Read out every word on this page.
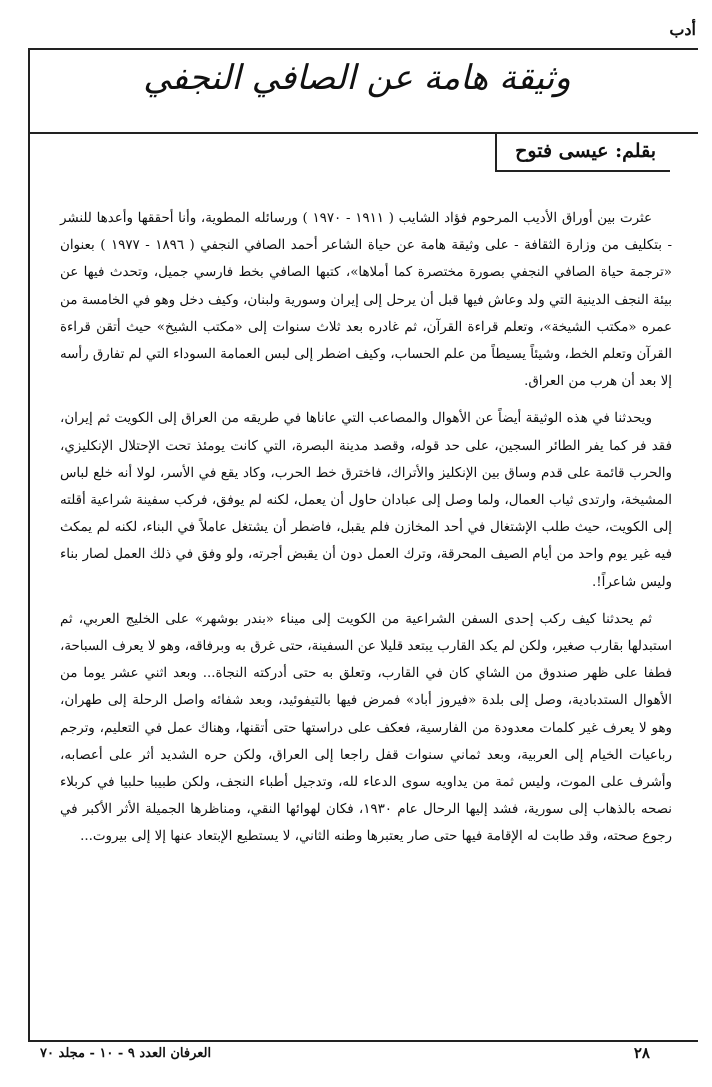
أدب
وثيقة هامة عن الصافي النجفي
بقلم: عيسى فتوح

عثرت بين أوراق الأديب المرحوم فؤاد الشايب ( ١٩١١ - ١٩٧٠ ) ورسائله المطوية، وأنا أحققها وأعدها للنشر - بتكليف من وزارة الثقافة - على وثيقة هامة عن حياة الشاعر أحمد الصافي النجفي ( ١٨٩٦ - ١٩٧٧ ) بعنوان «ترجمة حياة الصافي النجفي بصورة مختصرة كما أملاها»، كتبها الصافي بخط فارسي جميل، وتحدث فيها عن بيئة النجف الدينية التي ولد وعاش فيها قبل أن يرحل إلى إيران وسورية ولبنان، وكيف دخل وهو في الخامسة من عمره «مكتب الشيخة»، وتعلم قراءة القرآن، ثم غادره بعد ثلاث سنوات إلى «مكتب الشيخ» حيث أتقن قراءة القرآن وتعلم الخط، وشيئاً يسيطاً من علم الحساب، وكيف اضطر إلى لبس العمامة السوداء التي لم تفارق رأسه إلا بعد أن هرب من العراق.

ويحدثنا في هذه الوثيقة أيضاً عن الأهوال والمصاعب التي عاناها في طريقه من العراق إلى الكويت ثم إيران، فقد فر كما يفر الطائر السجين، على حد قوله، وقصد مدينة البصرة، التي كانت يومئذ تحت الإحتلال الإنكليزي، والحرب قائمة على قدم وساق بين الإنكليز والأتراك، فاخترق خط الحرب، وكاد يقع في الأسر، لولا أنه خلع لباس المشيخة، وارتدى ثياب العمال، ولما وصل إلى عبادان حاول أن يعمل، لكنه لم يوفق، فركب سفينة شراعية أقلته إلى الكويت، حيث طلب الإشتغال في أحد المخازن فلم يقبل، فاضطر أن يشتغل عاملاً في البناء، لكنه لم يمكث فيه غير يوم واحد من أيام الصيف المحرقة، وترك العمل دون أن يقبض أجرته، ولو وفق في ذلك العمل لصار بناء وليس شاعراً!.

ثم يحدثنا كيف ركب إحدى السفن الشراعية من الكويت إلى ميناء «بندر بوشهر» على الخليج العربي، ثم استبدلها بقارب صغير، ولكن لم يكد القارب يبتعد قليلا عن السفينة، حتى غرق به وبرفاقه، وهو لا يعرف السباحة، فطفا على ظهر صندوق من الشاي كان في القارب، وتعلق به حتى أدركته النجاة... وبعد اثني عشر يوما من الأهوال الستدبادية، وصل إلى بلدة «فيروز أباد» فمرض فيها بالتيفوئيد، وبعد شفائه واصل الرحلة إلى طهران، وهو لا يعرف غير كلمات معدودة من الفارسية، فعكف على دراستها حتى أتقنها، وهناك عمل في التعليم، وترجم رباعيات الخيام إلى العربية، وبعد ثماني سنوات قفل راجعا إلى العراق، ولكن حره الشديد أثر على أعصابه، وأشرف على الموت، وليس ثمة من يداويه سوى الدعاء لله، وتدجيل أطباء النجف، ولكن طبيبا حلبيا في كربلاء نصحه بالذهاب إلى سورية، فشد إليها الرحال عام ١٩٣٠، فكان لهوائها النقي، ومناظرها الجميلة الأثر الأكبر في رجوع صحته، وقد طابت له الإقامة فيها حتى صار يعتبرها وطنه الثاني، لا يستطيع الإبتعاد عنها إلا إلى بيروت...

٢٨
العرفان العدد ٩ - ١٠ - مجلد ٧٠
